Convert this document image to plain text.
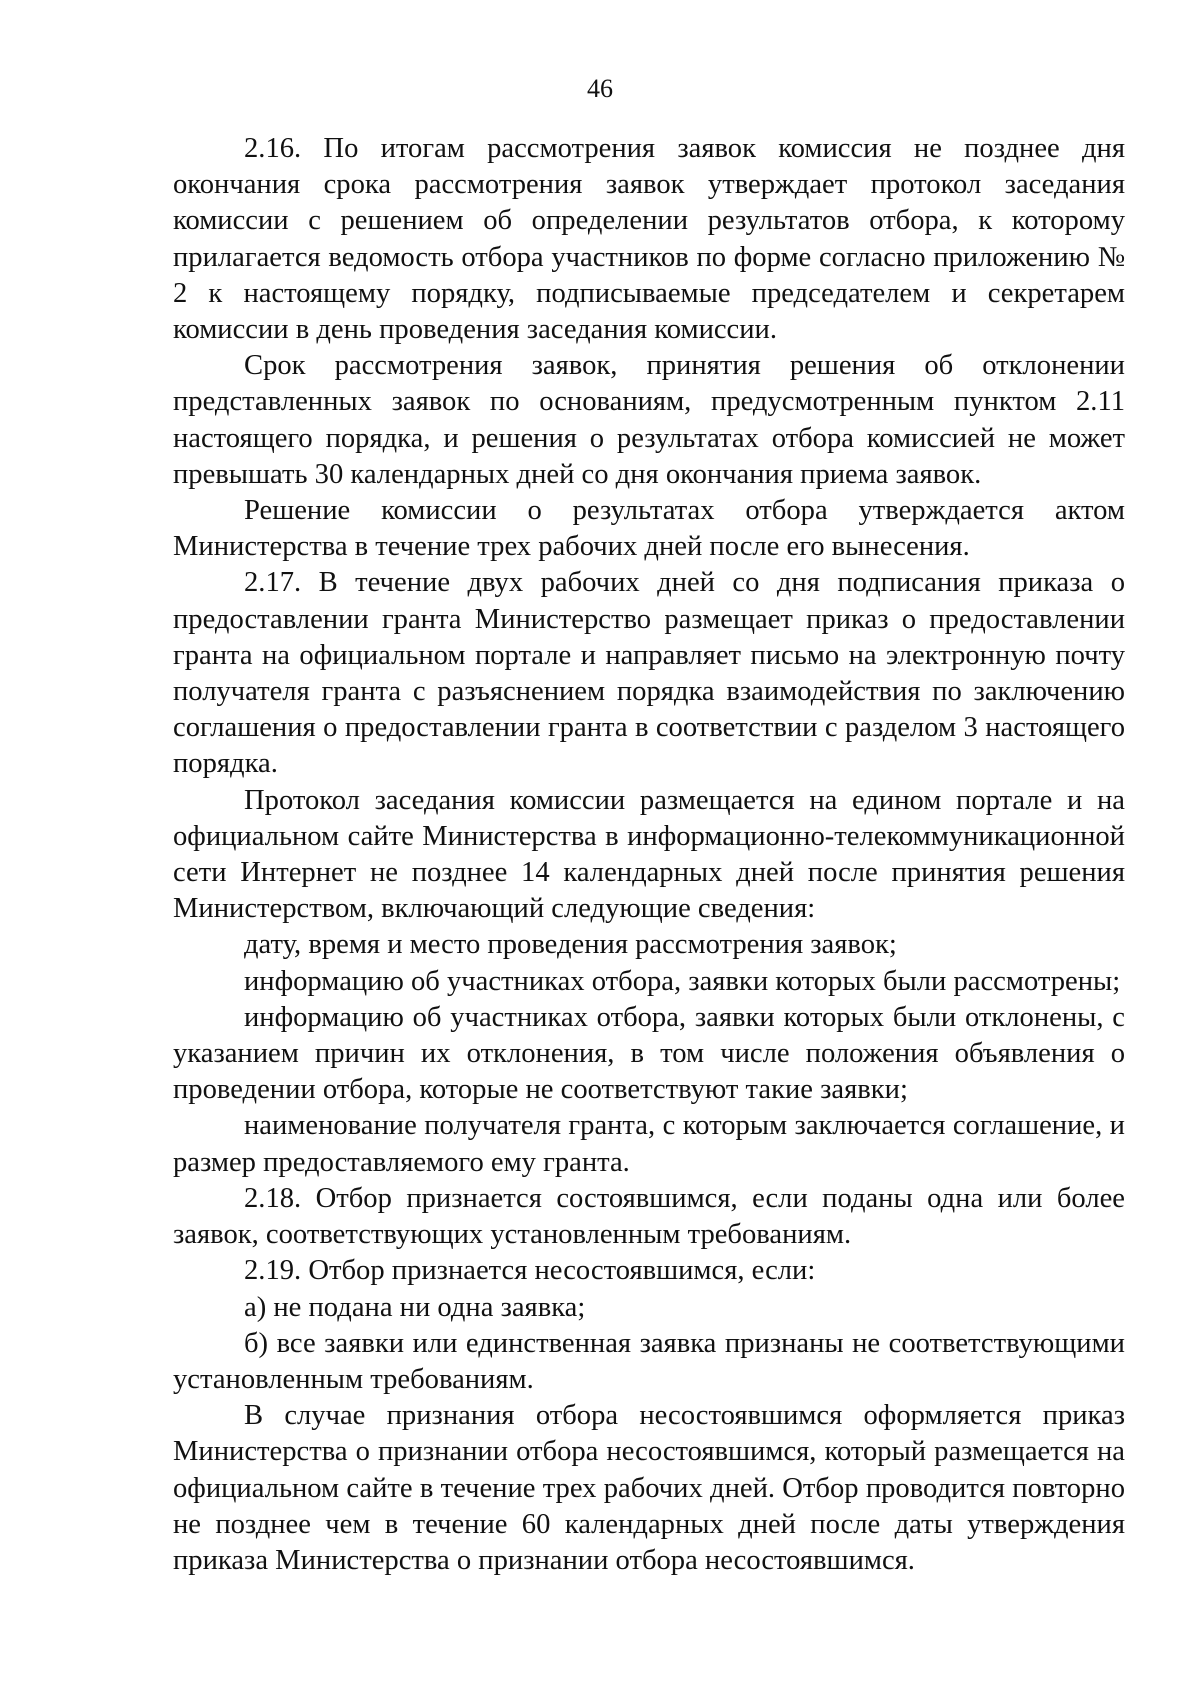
46

2.16. По итогам рассмотрения заявок комиссия не позднее дня окончания срока рассмотрения заявок утверждает протокол заседания комиссии с решением об определении результатов отбора, к которому прилагается ведомость отбора участников по форме согласно приложению № 2 к настоящему порядку, подписываемые председателем и секретарем комиссии в день проведения заседания комиссии.

Срок рассмотрения заявок, принятия решения об отклонении представленных заявок по основаниям, предусмотренным пунктом 2.11 настоящего порядка, и решения о результатах отбора комиссией не может превышать 30 календарных дней со дня окончания приема заявок.

Решение комиссии о результатах отбора утверждается актом Министерства в течение трех рабочих дней после его вынесения.

2.17. В течение двух рабочих дней со дня подписания приказа о предоставлении гранта Министерство размещает приказ о предоставлении гранта на официальном портале и направляет письмо на электронную почту получателя гранта с разъяснением порядка взаимодействия по заключению соглашения о предоставлении гранта в соответствии с разделом 3 настоящего порядка.

Протокол заседания комиссии размещается на едином портале и на официальном сайте Министерства в информационно-телекоммуникационной сети Интернет не позднее 14 календарных дней после принятия решения Министерством, включающий следующие сведения:

дату, время и место проведения рассмотрения заявок;

информацию об участниках отбора, заявки которых были рассмотрены;

информацию об участниках отбора, заявки которых были отклонены, с указанием причин их отклонения, в том числе положения объявления о проведении отбора, которые не соответствуют такие заявки;

наименование получателя гранта, с которым заключается соглашение, и размер предоставляемого ему гранта.

2.18. Отбор признается состоявшимся, если поданы одна или более заявок, соответствующих установленным требованиям.

2.19. Отбор признается несостоявшимся, если:

а) не подана ни одна заявка;

б) все заявки или единственная заявка признаны не соответствующими установленным требованиям.

В случае признания отбора несостоявшимся оформляется приказ Министерства о признании отбора несостоявшимся, который размещается на официальном сайте в течение трех рабочих дней. Отбор проводится повторно не позднее чем в течение 60 календарных дней после даты утверждения приказа Министерства о признании отбора несостоявшимся.
